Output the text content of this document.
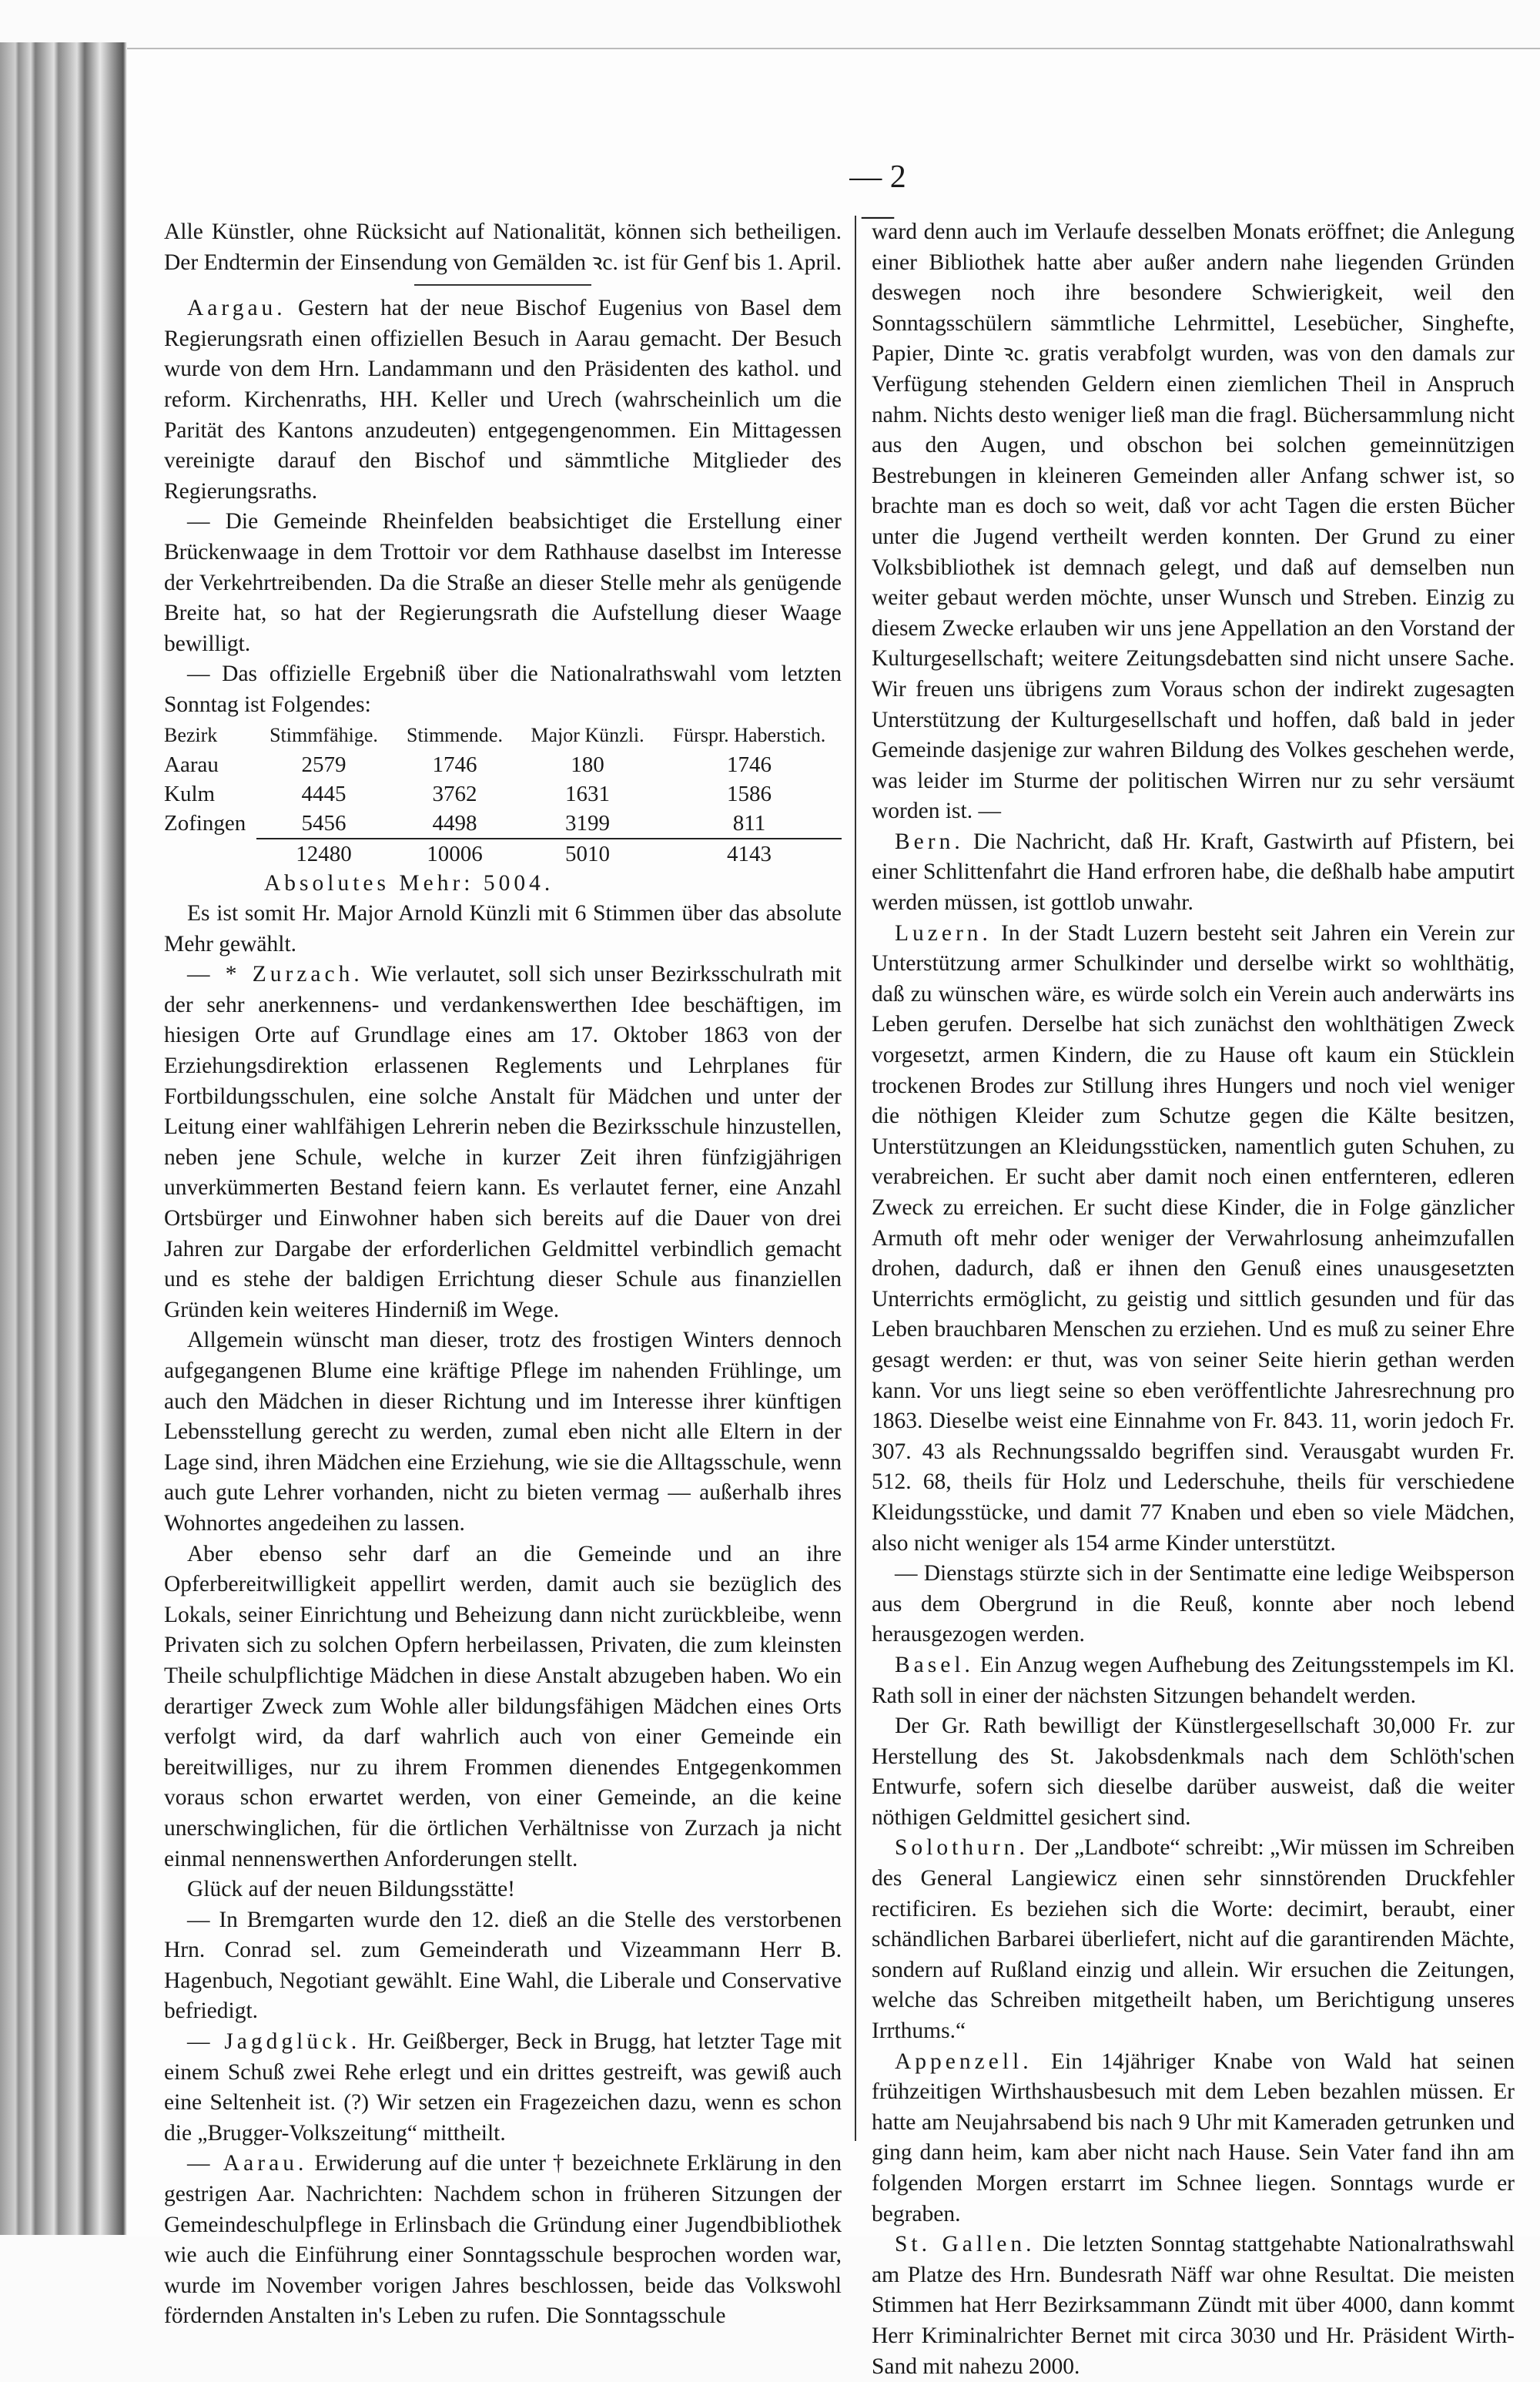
— 2 —

Alle Künstler, ohne Rücksicht auf Nationalität, können sich betheiligen. Der Endtermin der Einsendung von Gemälden ꝛc. ist für Genf bis 1. April.

Aargau. Gestern hat der neue Bischof Eugenius von Basel dem Regierungsrath einen offiziellen Besuch in Aarau gemacht. Der Besuch wurde von dem Hrn. Landammann und den Präsidenten des kathol. und reform. Kirchenraths, HH. Keller und Urech (wahrscheinlich um die Parität des Kantons anzudeuten) entgegengenommen. Ein Mittagessen vereinigte darauf den Bischof und sämmtliche Mitglieder des Regierungsraths.

— Die Gemeinde Rheinfelden beabsichtiget die Erstellung einer Brückenwaage in dem Trottoir vor dem Rathhause daselbst im Interesse der Verkehrtreibenden. Da die Straße an dieser Stelle mehr als genügende Breite hat, so hat der Regierungsrath die Aufstellung dieser Waage bewilligt.

— Das offizielle Ergebniß über die Nationalrathswahl vom letzten Sonntag ist Folgendes:

Bezirk	Stimmfähige.	Stimmende.	Major Künzli.	Fürspr. Haberstich.
Aarau	2579	1746	180	1746
Kulm	4445	3762	1631	1586
Zofingen	5456	4498	3199	811
	12480	10006	5010	4143

Absolutes Mehr: 5004.

Es ist somit Hr. Major Arnold Künzli mit 6 Stimmen über das absolute Mehr gewählt.

— * Zurzach. Wie verlautet, soll sich unser Bezirksschulrath mit der sehr anerkennens- und verdankenswerthen Idee beschäftigen, im hiesigen Orte auf Grundlage eines am 17. Oktober 1863 von der Erziehungsdirektion erlassenen Reglements und Lehrplanes für Fortbildungsschulen, eine solche Anstalt für Mädchen und unter der Leitung einer wahlfähigen Lehrerin neben die Bezirksschule hinzustellen, neben jene Schule, welche in kurzer Zeit ihren fünfzigjährigen unverkümmerten Bestand feiern kann. Es verlautet ferner, eine Anzahl Ortsbürger und Einwohner haben sich bereits auf die Dauer von drei Jahren zur Dargabe der erforderlichen Geldmittel verbindlich gemacht und es stehe der baldigen Errichtung dieser Schule aus finanziellen Gründen kein weiteres Hinderniß im Wege.

Allgemein wünscht man dieser, trotz des frostigen Winters dennoch aufgegangenen Blume eine kräftige Pflege im nahenden Frühlinge, um auch den Mädchen in dieser Richtung und im Interesse ihrer künftigen Lebensstellung gerecht zu werden, zumal eben nicht alle Eltern in der Lage sind, ihren Mädchen eine Erziehung, wie sie die Alltagsschule, wenn auch gute Lehrer vorhanden, nicht zu bieten vermag — außerhalb ihres Wohnortes angedeihen zu lassen.

Aber ebenso sehr darf an die Gemeinde und an ihre Opferbereitwilligkeit appellirt werden, damit auch sie bezüglich des Lokals, seiner Einrichtung und Beheizung dann nicht zurückbleibe, wenn Privaten sich zu solchen Opfern herbeilassen, Privaten, die zum kleinsten Theile schulpflichtige Mädchen in diese Anstalt abzugeben haben. Wo ein derartiger Zweck zum Wohle aller bildungsfähigen Mädchen eines Orts verfolgt wird, da darf wahrlich auch von einer Gemeinde ein bereitwilliges, nur zu ihrem Frommen dienendes Entgegenkommen voraus schon erwartet werden, von einer Gemeinde, an die keine unerschwinglichen, für die örtlichen Verhältnisse von Zurzach ja nicht einmal nennenswerthen Anforderungen stellt.

Glück auf der neuen Bildungsstätte!

— In Bremgarten wurde den 12. dieß an die Stelle des verstorbenen Hrn. Conrad sel. zum Gemeinderath und Vizeammann Herr B. Hagenbuch, Negotiant gewählt. Eine Wahl, die Liberale und Conservative befriedigt.

— Jagdglück. Hr. Geißberger, Beck in Brugg, hat letzter Tage mit einem Schuß zwei Rehe erlegt und ein drittes gestreift, was gewiß auch eine Seltenheit ist. (?) Wir setzen ein Fragezeichen dazu, wenn es schon die „Brugger-Volkszeitung“ mittheilt.

— Aarau. Erwiderung auf die unter † bezeichnete Erklärung in den gestrigen Aar. Nachrichten: Nachdem schon in früheren Sitzungen der Gemeindeschulpflege in Erlinsbach die Gründung einer Jugendbibliothek wie auch die Einführung einer Sonntagsschule besprochen worden war, wurde im November vorigen Jahres beschlossen, beide das Volkswohl fördernden Anstalten in's Leben zu rufen. Die Sonntagsschule

ward denn auch im Verlaufe desselben Monats eröffnet; die Anlegung einer Bibliothek hatte aber außer andern nahe liegenden Gründen deswegen noch ihre besondere Schwierigkeit, weil den Sonntagsschülern sämmtliche Lehrmittel, Lesebücher, Singhefte, Papier, Dinte ꝛc. gratis verabfolgt wurden, was von den damals zur Verfügung stehenden Geldern einen ziemlichen Theil in Anspruch nahm. Nichts desto weniger ließ man die fragl. Büchersammlung nicht aus den Augen, und obschon bei solchen gemeinnützigen Bestrebungen in kleineren Gemeinden aller Anfang schwer ist, so brachte man es doch so weit, daß vor acht Tagen die ersten Bücher unter die Jugend vertheilt werden konnten. Der Grund zu einer Volksbibliothek ist demnach gelegt, und daß auf demselben nun weiter gebaut werden möchte, unser Wunsch und Streben. Einzig zu diesem Zwecke erlauben wir uns jene Appellation an den Vorstand der Kulturgesellschaft; weitere Zeitungsdebatten sind nicht unsere Sache. Wir freuen uns übrigens zum Voraus schon der indirekt zugesagten Unterstützung der Kulturgesellschaft und hoffen, daß bald in jeder Gemeinde dasjenige zur wahren Bildung des Volkes geschehen werde, was leider im Sturme der politischen Wirren nur zu sehr versäumt worden ist. —

Bern. Die Nachricht, daß Hr. Kraft, Gastwirth auf Pfistern, bei einer Schlittenfahrt die Hand erfroren habe, die deßhalb habe amputirt werden müssen, ist gottlob unwahr.

Luzern. In der Stadt Luzern besteht seit Jahren ein Verein zur Unterstützung armer Schulkinder und derselbe wirkt so wohlthätig, daß zu wünschen wäre, es würde solch ein Verein auch anderwärts ins Leben gerufen. Derselbe hat sich zunächst den wohlthätigen Zweck vorgesetzt, armen Kindern, die zu Hause oft kaum ein Stücklein trockenen Brodes zur Stillung ihres Hungers und noch viel weniger die nöthigen Kleider zum Schutze gegen die Kälte besitzen, Unterstützungen an Kleidungsstücken, namentlich guten Schuhen, zu verabreichen. Er sucht aber damit noch einen entfernteren, edleren Zweck zu erreichen. Er sucht diese Kinder, die in Folge gänzlicher Armuth oft mehr oder weniger der Verwahrlosung anheimzufallen drohen, dadurch, daß er ihnen den Genuß eines unausgesetzten Unterrichts ermöglicht, zu geistig und sittlich gesunden und für das Leben brauchbaren Menschen zu erziehen. Und es muß zu seiner Ehre gesagt werden: er thut, was von seiner Seite hierin gethan werden kann. Vor uns liegt seine so eben veröffentlichte Jahresrechnung pro 1863. Dieselbe weist eine Einnahme von Fr. 843. 11, worin jedoch Fr. 307. 43 als Rechnungssaldo begriffen sind. Verausgabt wurden Fr. 512. 68, theils für Holz und Lederschuhe, theils für verschiedene Kleidungsstücke, und damit 77 Knaben und eben so viele Mädchen, also nicht weniger als 154 arme Kinder unterstützt.

— Dienstags stürzte sich in der Sentimatte eine ledige Weibsperson aus dem Obergrund in die Reuß, konnte aber noch lebend herausgezogen werden.

Basel. Ein Anzug wegen Aufhebung des Zeitungsstempels im Kl. Rath soll in einer der nächsten Sitzungen behandelt werden.

Der Gr. Rath bewilligt der Künstlergesellschaft 30,000 Fr. zur Herstellung des St. Jakobsdenkmals nach dem Schlöth'schen Entwurfe, sofern sich dieselbe darüber ausweist, daß die weiter nöthigen Geldmittel gesichert sind.

Solothurn. Der „Landbote“ schreibt: „Wir müssen im Schreiben des General Langiewicz einen sehr sinnstörenden Druckfehler rectificiren. Es beziehen sich die Worte: decimirt, beraubt, einer schändlichen Barbarei überliefert, nicht auf die garantirenden Mächte, sondern auf Rußland einzig und allein. Wir ersuchen die Zeitungen, welche das Schreiben mitgetheilt haben, um Berichtigung unseres Irrthums.“

Appenzell. Ein 14jähriger Knabe von Wald hat seinen frühzeitigen Wirthshausbesuch mit dem Leben bezahlen müssen. Er hatte am Neujahrsabend bis nach 9 Uhr mit Kameraden getrunken und ging dann heim, kam aber nicht nach Hause. Sein Vater fand ihn am folgenden Morgen erstarrt im Schnee liegen. Sonntags wurde er begraben.

St. Gallen. Die letzten Sonntag stattgehabte Nationalrathswahl am Platze des Hrn. Bundesrath Näff war ohne Resultat. Die meisten Stimmen hat Herr Bezirksammann Zündt mit über 4000, dann kommt Herr Kriminalrichter Bernet mit circa 3030 und Hr. Präsident Wirth-Sand mit nahezu 2000.
